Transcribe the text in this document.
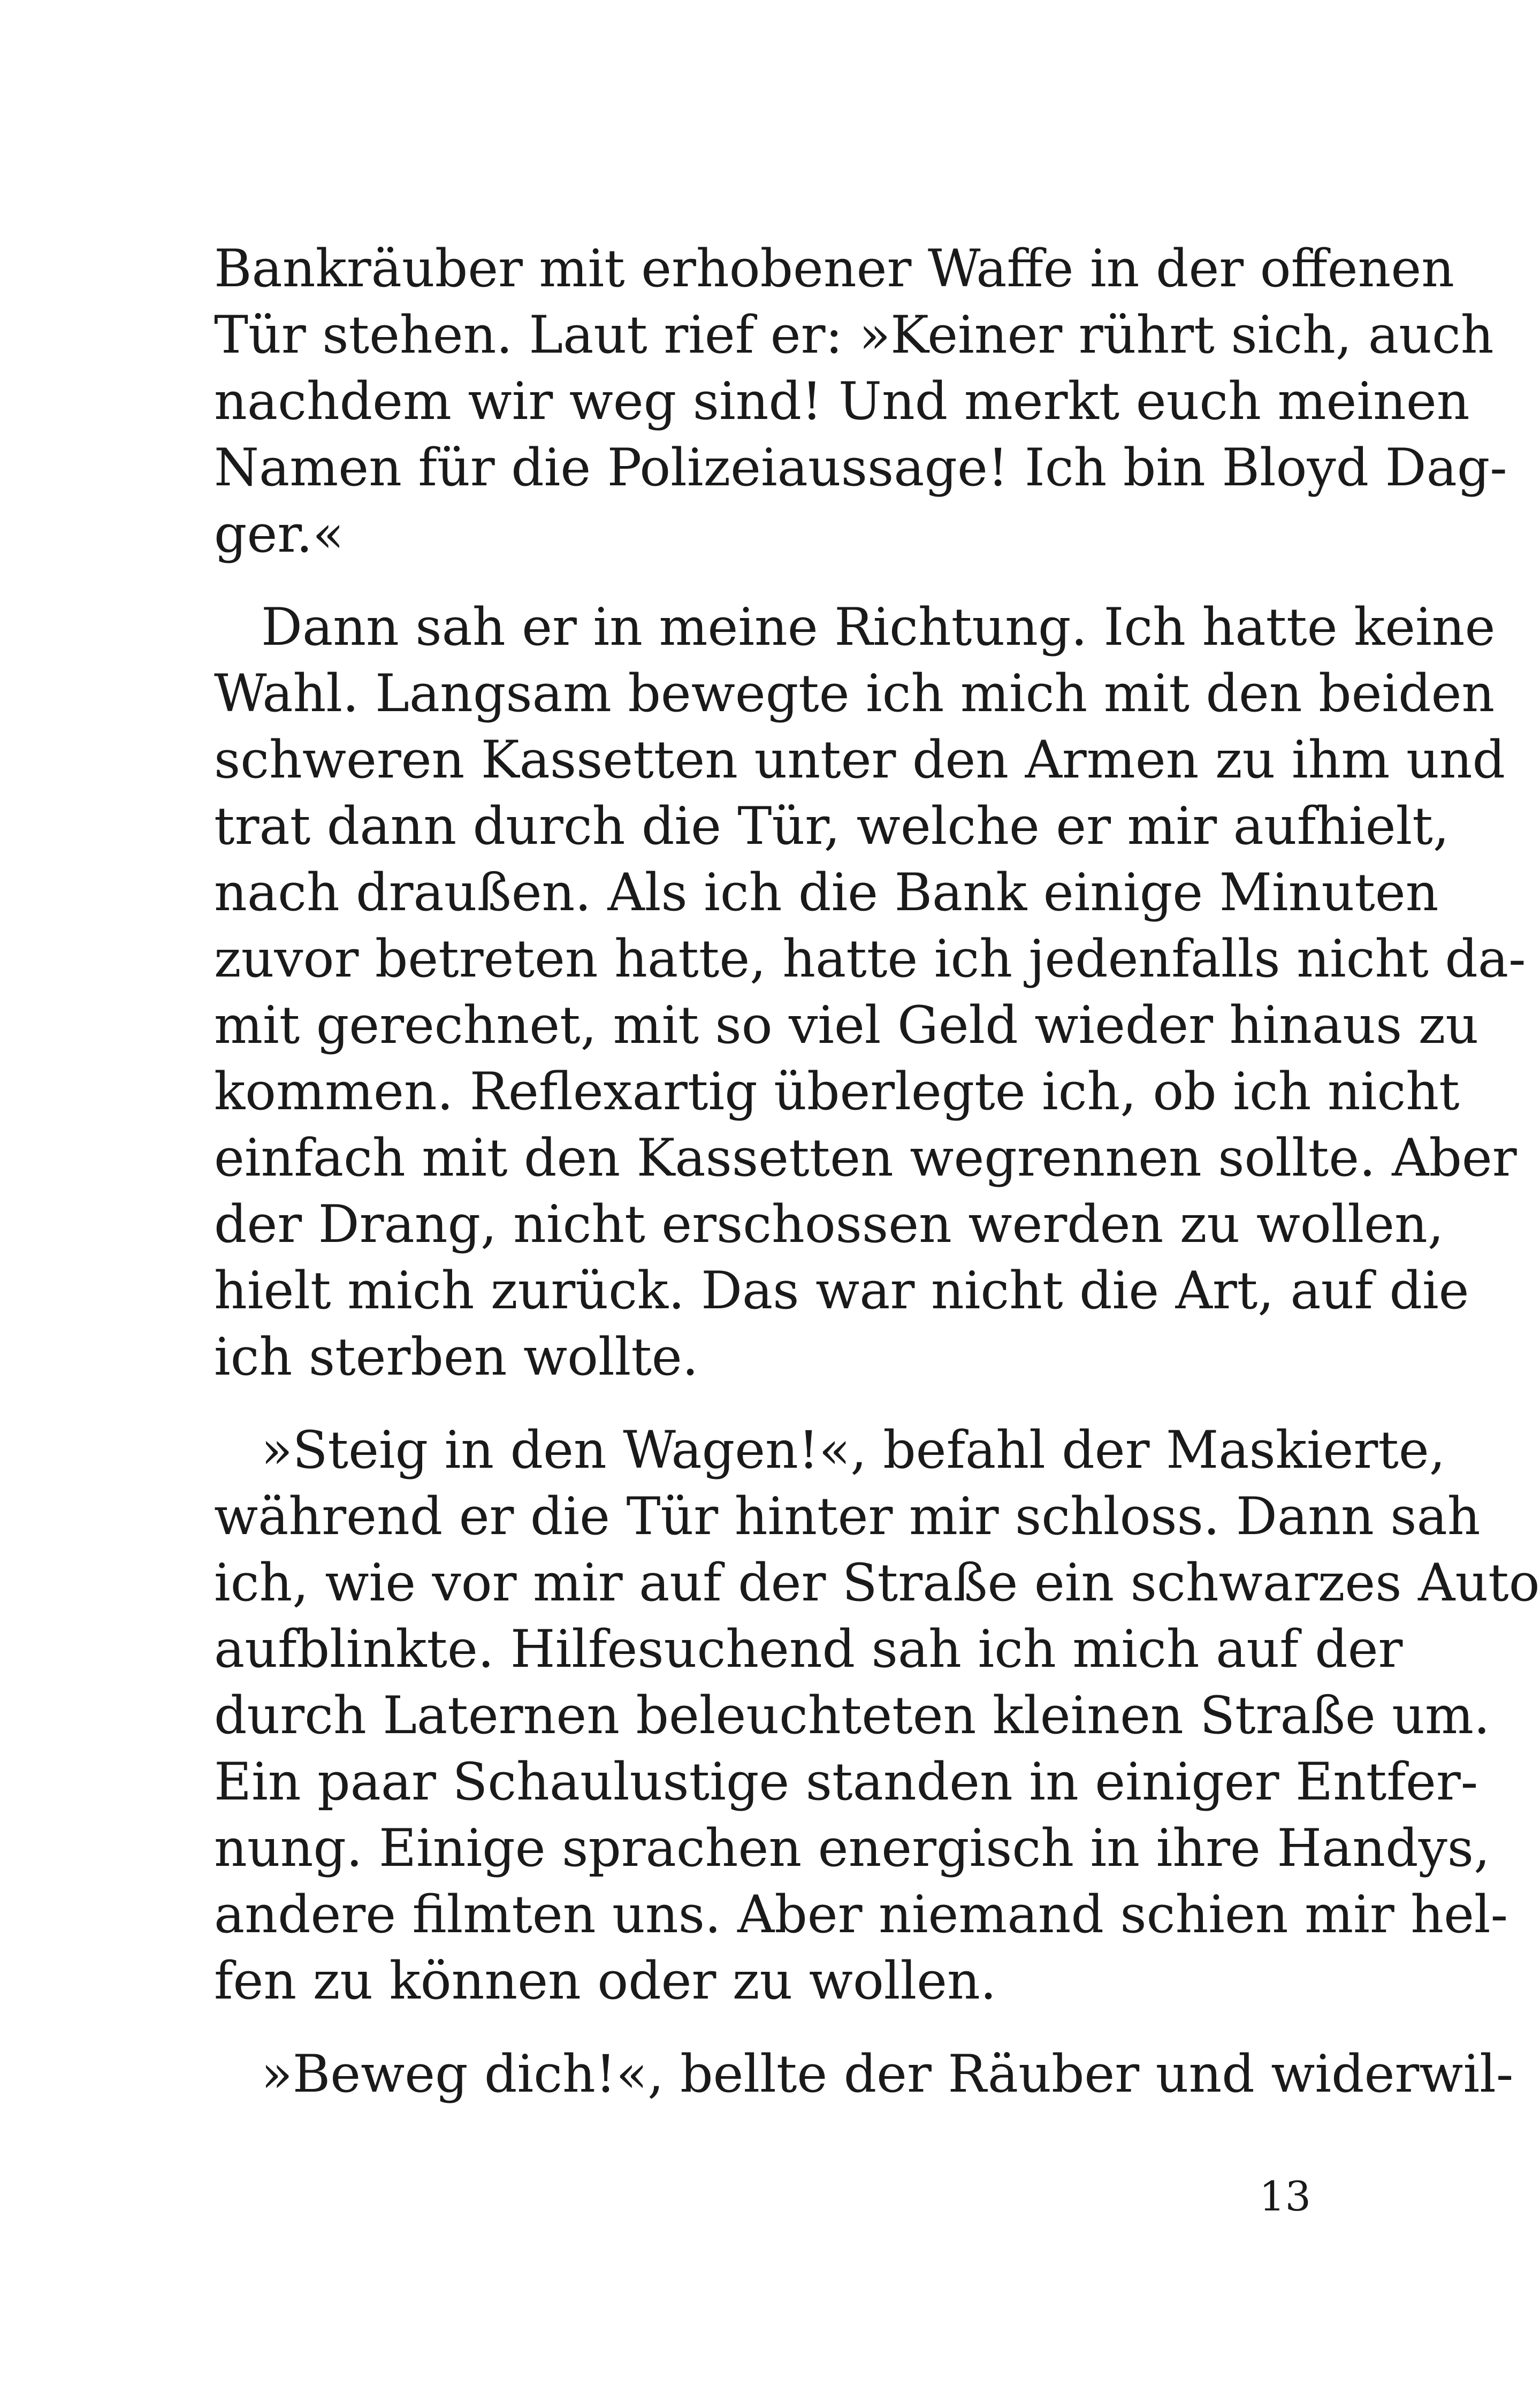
Bankräuber mit erhobener Waffe in der offenen
Tür stehen. Laut rief er: »Keiner rührt sich, auch
nachdem wir weg sind! Und merkt euch meinen
Namen für die Polizeiaussage! Ich bin Bloyd Dag-
ger.«

Dann sah er in meine Richtung. Ich hatte keine
Wahl. Langsam bewegte ich mich mit den beiden
schweren Kassetten unter den Armen zu ihm und
trat dann durch die Tür, welche er mir aufhielt,
nach draußen. Als ich die Bank einige Minuten
zuvor betreten hatte, hatte ich jedenfalls nicht da-
mit gerechnet, mit so viel Geld wieder hinaus zu
kommen. Reflexartig überlegte ich, ob ich nicht
einfach mit den Kassetten wegrennen sollte. Aber
der Drang, nicht erschossen werden zu wollen,
hielt mich zurück. Das war nicht die Art, auf die
ich sterben wollte.

»Steig in den Wagen!«, befahl der Maskierte,
während er die Tür hinter mir schloss. Dann sah
ich, wie vor mir auf der Straße ein schwarzes Auto
aufblinkte. Hilfesuchend sah ich mich auf der
durch Laternen beleuchteten kleinen Straße um.
Ein paar Schaulustige standen in einiger Entfer-
nung. Einige sprachen energisch in ihre Handys,
andere filmten uns. Aber niemand schien mir hel-
fen zu können oder zu wollen.

»Beweg dich!«, bellte der Räuber und widerwil-

13
